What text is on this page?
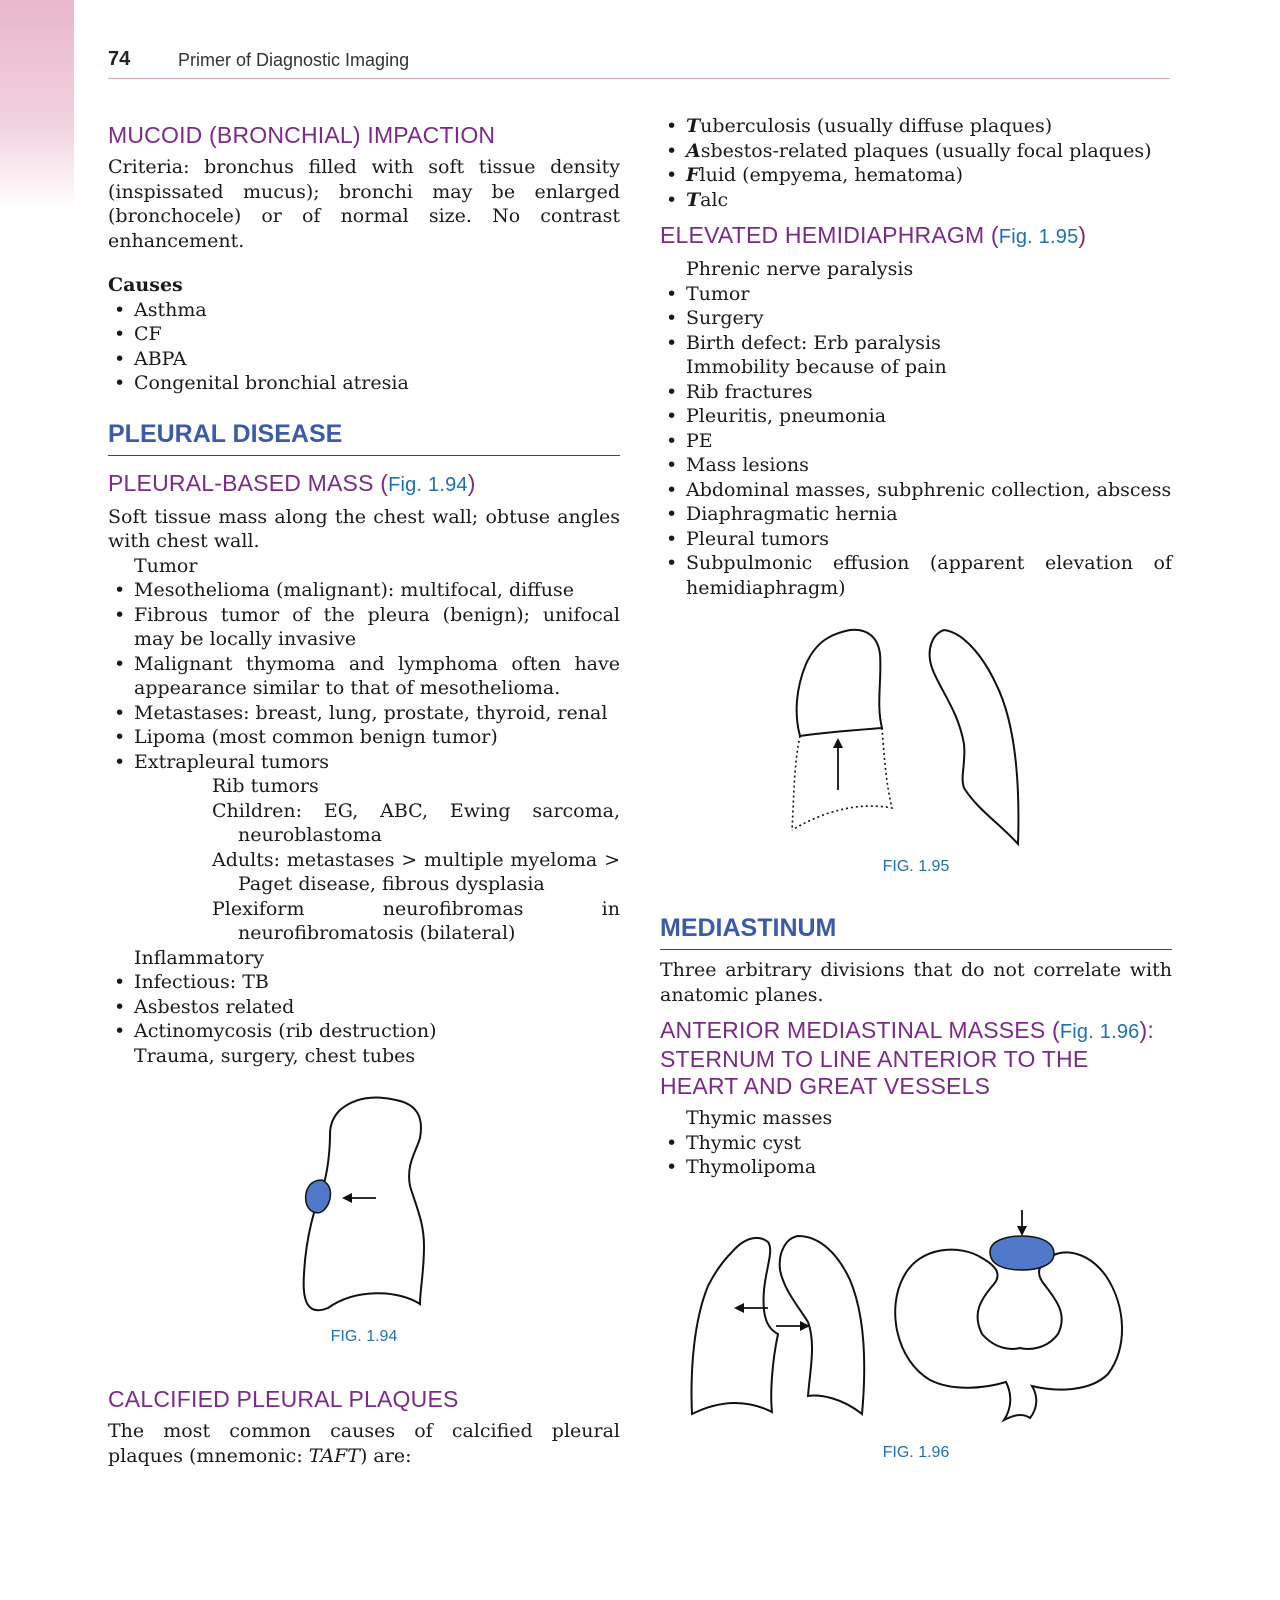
74	Primer of Diagnostic Imaging
MUCOID (BRONCHIAL) IMPACTION

Criteria: bronchus filled with soft tissue density (inspissated mucus); bronchi may be enlarged (bronchocele) or of normal size. No contrast enhancement.

Causes
• Asthma
• CF
• ABPA
• Congenital bronchial atresia
PLEURAL DISEASE
PLEURAL-BASED MASS (Fig. 1.94)

Soft tissue mass along the chest wall; obtuse angles with chest wall.

Tumor
• Mesothelioma (malignant): multifocal, diffuse
• Fibrous tumor of the pleura (benign); unifocal may be locally invasive
• Malignant thymoma and lymphoma often have appearance similar to that of mesothelioma.
• Metastases: breast, lung, prostate, thyroid, renal
• Lipoma (most common benign tumor)
• Extrapleural tumors
Rib tumors
Children: EG, ABC, Ewing sarcoma, neuroblastoma
Adults: metastases > multiple myeloma > Paget disease, fibrous dysplasia
Plexiform neurofibromas in neurofibromatosis (bilateral)
Inflammatory
• Infectious: TB
• Asbestos related
• Actinomycosis (rib destruction)
Trauma, surgery, chest tubes
FIG. 1.94
CALCIFIED PLEURAL PLAQUES

The most common causes of calcified pleural plaques (mnemonic: TAFT) are:

• Tuberculosis (usually diffuse plaques)
• Asbestos-related plaques (usually focal plaques)
• Fluid (empyema, hematoma)
• Talc
ELEVATED HEMIDIAPHRAGM (Fig. 1.95)
Phrenic nerve paralysis
• Tumor
• Surgery
• Birth defect: Erb paralysis
Immobility because of pain
• Rib fractures
• Pleuritis, pneumonia
• PE
• Mass lesions
• Abdominal masses, subphrenic collection, abscess
• Diaphragmatic hernia
• Pleural tumors
• Subpulmonic effusion (apparent elevation of hemidiaphragm)
FIG. 1.95
MEDIASTINUM

Three arbitrary divisions that do not correlate with anatomic planes.

ANTERIOR MEDIASTINAL MASSES (Fig. 1.96): STERNUM TO LINE ANTERIOR TO THE HEART AND GREAT VESSELS
Thymic masses
• Thymic cyst
• Thymolipoma
FIG. 1.96
